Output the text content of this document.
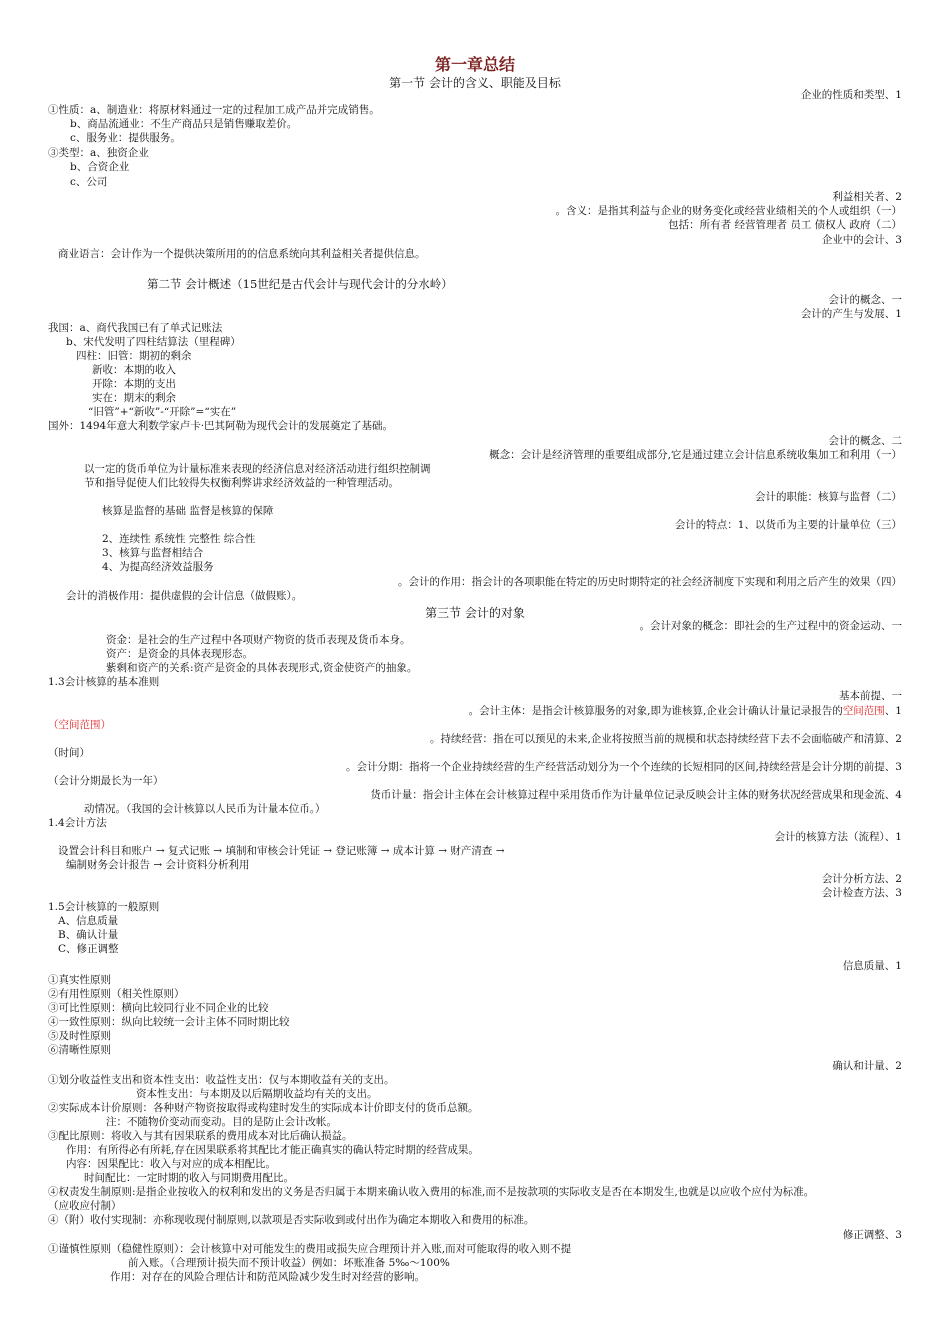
第一章总结
第一节 会计的含义、职能及目标
企业的性质和类型、1
①性质：a、制造业：将原材料通过一定的过程加工成产品并完成销售。
b、商品流通业：不生产商品只是销售赚取差价。
c、服务业：提供服务。
③类型：a、独资企业
b、合资企业
c、公司
利益相关者、2
。含义：是指其利益与企业的财务变化或经营业绩相关的个人或组织（一）
包括：所有者 经营管理者 员工 债权人 政府（二）
企业中的会计、3
商业语言：会计作为一个提供决策所用的的信息系统向其利益相关者提供信息。
第二节 会计概述（15世纪是古代会计与现代会计的分水岭）
会计的概念、一
会计的产生与发展、1
我国：a、商代我国已有了单式记账法
b、宋代发明了四柱结算法（里程碑）
四柱：旧管：期初的剩余
新收：本期的收入
开除：本期的支出
实在：期末的剩余
“旧管”+“新收”-“开除”=“实在”
国外：1494年意大利数学家卢卡·巴其阿勒为现代会计的发展奠定了基础。
会计的概念、二
概念：会计是经济管理的重要组成部分,它是通过建立会计信息系统收集加工和利用（一）
以一定的货币单位为计量标准来表现的经济信息对经济活动进行组织控制调
节和指导促使人们比较得失权衡利弊讲求经济效益的一种管理活动。
会计的职能：核算与监督（二）
核算是监督的基础 监督是核算的保障
会计的特点：1、以货币为主要的计量单位（三）
2、连续性 系统性 完整性 综合性
3、核算与监督相结合
4、为提高经济效益服务
。会计的作用：指会计的各项职能在特定的历史时期特定的社会经济制度下实现和利用之后产生的效果（四）
会计的消极作用：提供虚假的会计信息（做假账）。
第三节 会计的对象
。会计对象的概念：即社会的生产过程中的资金运动、一
资金：是社会的生产过程中各项财产物资的货币表现及货币本身。
资产：是资金的具体表现形态。
紫剩和资产的关系:资产是资金的具体表现形式,资金使资产的抽象。
1.3会计核算的基本准则
基本前提、一
。会计主体：是指会计核算服务的对象,即为谁核算,企业会计确认计量记录报告的空间范围、1
（空间范围）
。持续经营：指在可以预见的未来,企业将按照当前的规模和状态持续经营下去不会面临破产和清算、2
（时间）
。会计分期：指将一个企业持续经营的生产经营活动划分为一个个连续的长短相同的区间,持续经营是会计分期的前提、3
（会计分期最长为一年）
货币计量：指会计主体在会计核算过程中采用货币作为计量单位记录反映会计主体的财务状况经营成果和现金流、4
动情况。（我国的会计核算以人民币为计量本位币。）
1.4会计方法
会计的核算方法（流程）、1
设置会计科目和账户 → 复式记账 → 填制和审核会计凭证 → 登记账簿 → 成本计算 → 财产清查 →
编制财务会计报告 → 会计资料分析利用
会计分析方法、2
会计检查方法、3
1.5会计核算的一般原则
A、信息质量
B、确认计量
C、修正调整
信息质量、1
①真实性原则
②有用性原则（相关性原则）
③可比性原则：横向比较同行业不同企业的比较
④一致性原则：纵向比较统一会计主体不同时期比较
⑤及时性原则
⑥清晰性原则
确认和计量、2
①划分收益性支出和资本性支出：收益性支出：仅与本期收益有关的支出。
资本性支出：与本期及以后隔期收益均有关的支出。
②实际成本计价原则：各种财产物资按取得或构建时发生的实际成本计价即支付的货币总额。
注：不随物价变动而变动。目的是防止会计改帐。
③配比原则：将收入与其有因果联系的费用成本对比后确认损益。
作用：有所得必有所耗,存在因果联系将其配比才能正确真实的确认特定时期的经营成果。
内容：因果配比：收入与对应的成本相配比。
时间配比：一定时期的收入与同期费用配比。
④权责发生制原则:是指企业按收入的权利和发出的义务是否归属于本期来确认收入费用的标准,而不是按款项的实际收支是否在本期发生,也就是以应收个应付为标准。
（应收应付制）
④（附）收付实现制：亦称现收现付制原则,以款项是否实际收到或付出作为确定本期收入和费用的标准。
修正调整、3
①谨慎性原则（稳健性原则）：会计核算中对可能发生的费用或损失应合理预计并入账,而对可能取得的收入则不提
前入账。（合理预计损失而不预计收益）例如：坏账准备 5‰～100%
作用：对存在的风险合理估计和防范风险减少发生时对经营的影响。
